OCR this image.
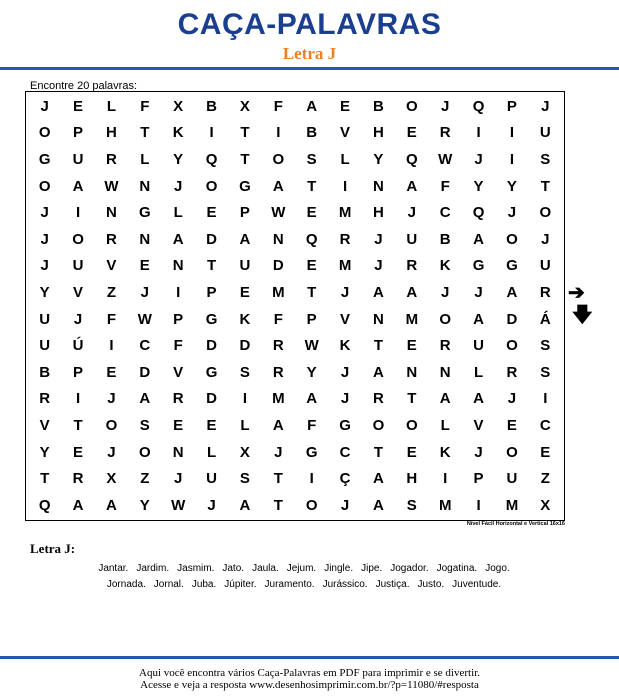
CAÇA-PALAVRAS
Letra J
Encontre 20 palavras:
J	E	L	F	X	B	X	F	A	E	B	O	J	Q	P	J
O	P	H	T	K	I	T	I	B	V	H	E	R	I	I	U
G	U	R	L	Y	Q	T	O	S	L	Y	Q	W	J	I	S
O	A	W	N	J	O	G	A	T	I	N	A	F	Y	Y	T
J	I	N	G	L	E	P	W	E	M	H	J	C	Q	J	O
J	O	R	N	A	D	A	N	Q	R	J	U	B	A	O	J
J	U	V	E	N	T	U	D	E	M	J	R	K	G	G	U
Y	V	Z	J	I	P	E	M	T	J	A	A	J	J	A	R
U	J	F	W	P	G	K	F	P	V	N	M	O	A	D	Á
U	Ú	I	C	F	D	D	R	W	K	T	E	R	U	O	S
B	P	E	D	V	G	S	R	Y	J	A	N	N	L	R	S
R	I	J	A	R	D	I	M	A	J	R	T	A	A	J	I
V	T	O	S	E	E	L	A	F	G	O	O	L	V	E	C
Y	E	J	O	N	L	X	J	G	C	T	E	K	J	O	E
T	R	X	Z	J	U	S	T	I	Ç	A	H	I	P	U	Z
Q	A	A	Y	W	J	A	T	O	J	A	S	M	I	M	X
Nível Fácil Horizontal e Vertical 16x16
➔
🡇
Letra J:
Jantar. Jardim. Jasmim. Jato. Jaula. Jejum. Jingle. Jipe. Jogador. Jogatina. Jogo.
Jornada. Jornal. Juba. Júpiter. Juramento. Jurássico. Justiça. Justo. Juventude.
Aqui você encontra vários Caça-Palavras em PDF para imprimir e se divertir.
Acesse e veja a resposta www.desenhosimprimir.com.br/?p=11080/#resposta
